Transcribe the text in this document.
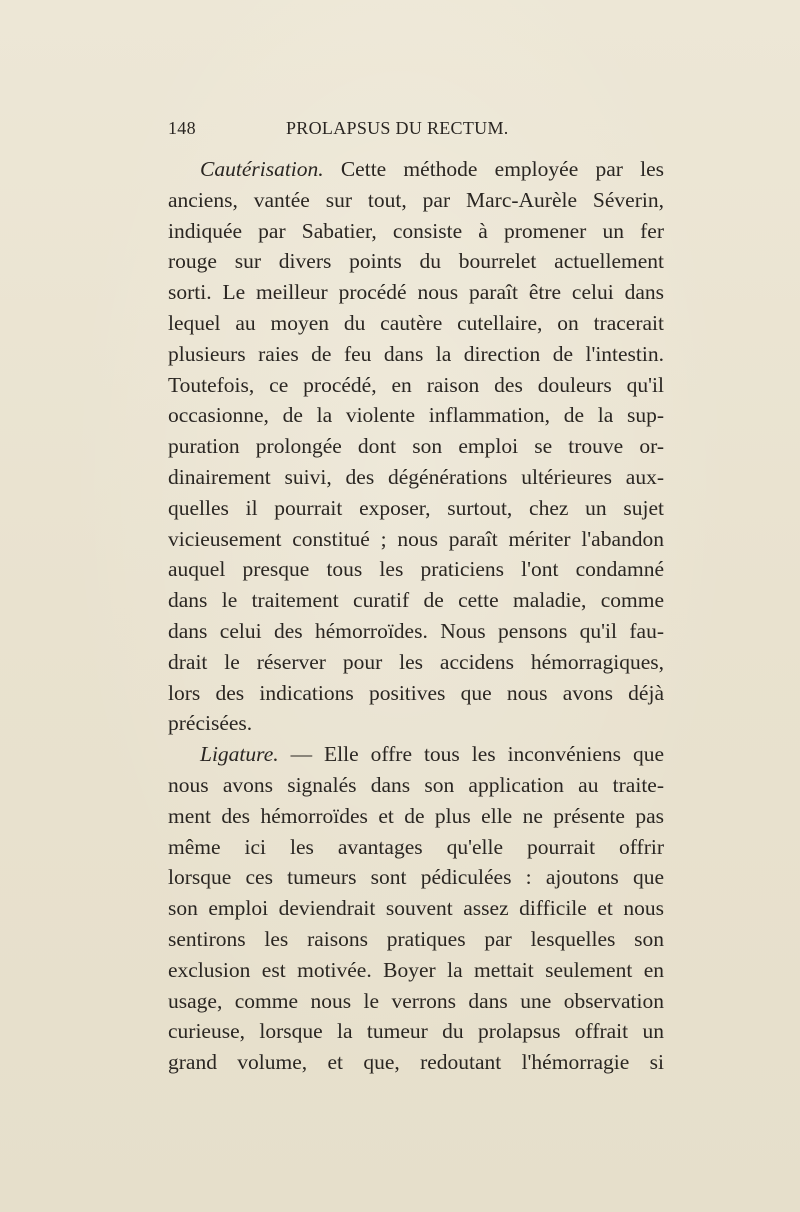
148	PROLAPSUS DU RECTUM.
Cautérisation. Cette méthode employée par les
anciens, vantée sur tout, par Marc-Aurèle Séverin,
indiquée par Sabatier, consiste à promener un fer
rouge sur divers points du bourrelet actuellement
sorti. Le meilleur procédé nous paraît être celui dans
lequel au moyen du cautère cutellaire, on tracerait
plusieurs raies de feu dans la direction de l'intestin.
Toutefois, ce procédé, en raison des douleurs qu'il
occasionne, de la violente inflammation, de la sup-
puration prolongée dont son emploi se trouve or-
dinairement suivi, des dégénérations ultérieures aux-
quelles il pourrait exposer, surtout, chez un sujet
vicieusement constitué ; nous paraît mériter l'abandon
auquel presque tous les praticiens l'ont condamné
dans le traitement curatif de cette maladie, comme
dans celui des hémorroïdes. Nous pensons qu'il fau-
drait le réserver pour les accidens hémorragiques,
lors des indications positives que nous avons déjà
précisées.
Ligature. — Elle offre tous les inconvéniens que
nous avons signalés dans son application au traite-
ment des hémorroïdes et de plus elle ne présente pas
même ici les avantages qu'elle pourrait offrir
lorsque ces tumeurs sont pédiculées : ajoutons que
son emploi deviendrait souvent assez difficile et nous
sentirons les raisons pratiques par lesquelles son
exclusion est motivée. Boyer la mettait seulement en
usage, comme nous le verrons dans une observation
curieuse, lorsque la tumeur du prolapsus offrait un
grand volume, et que, redoutant l'hémorragie si
